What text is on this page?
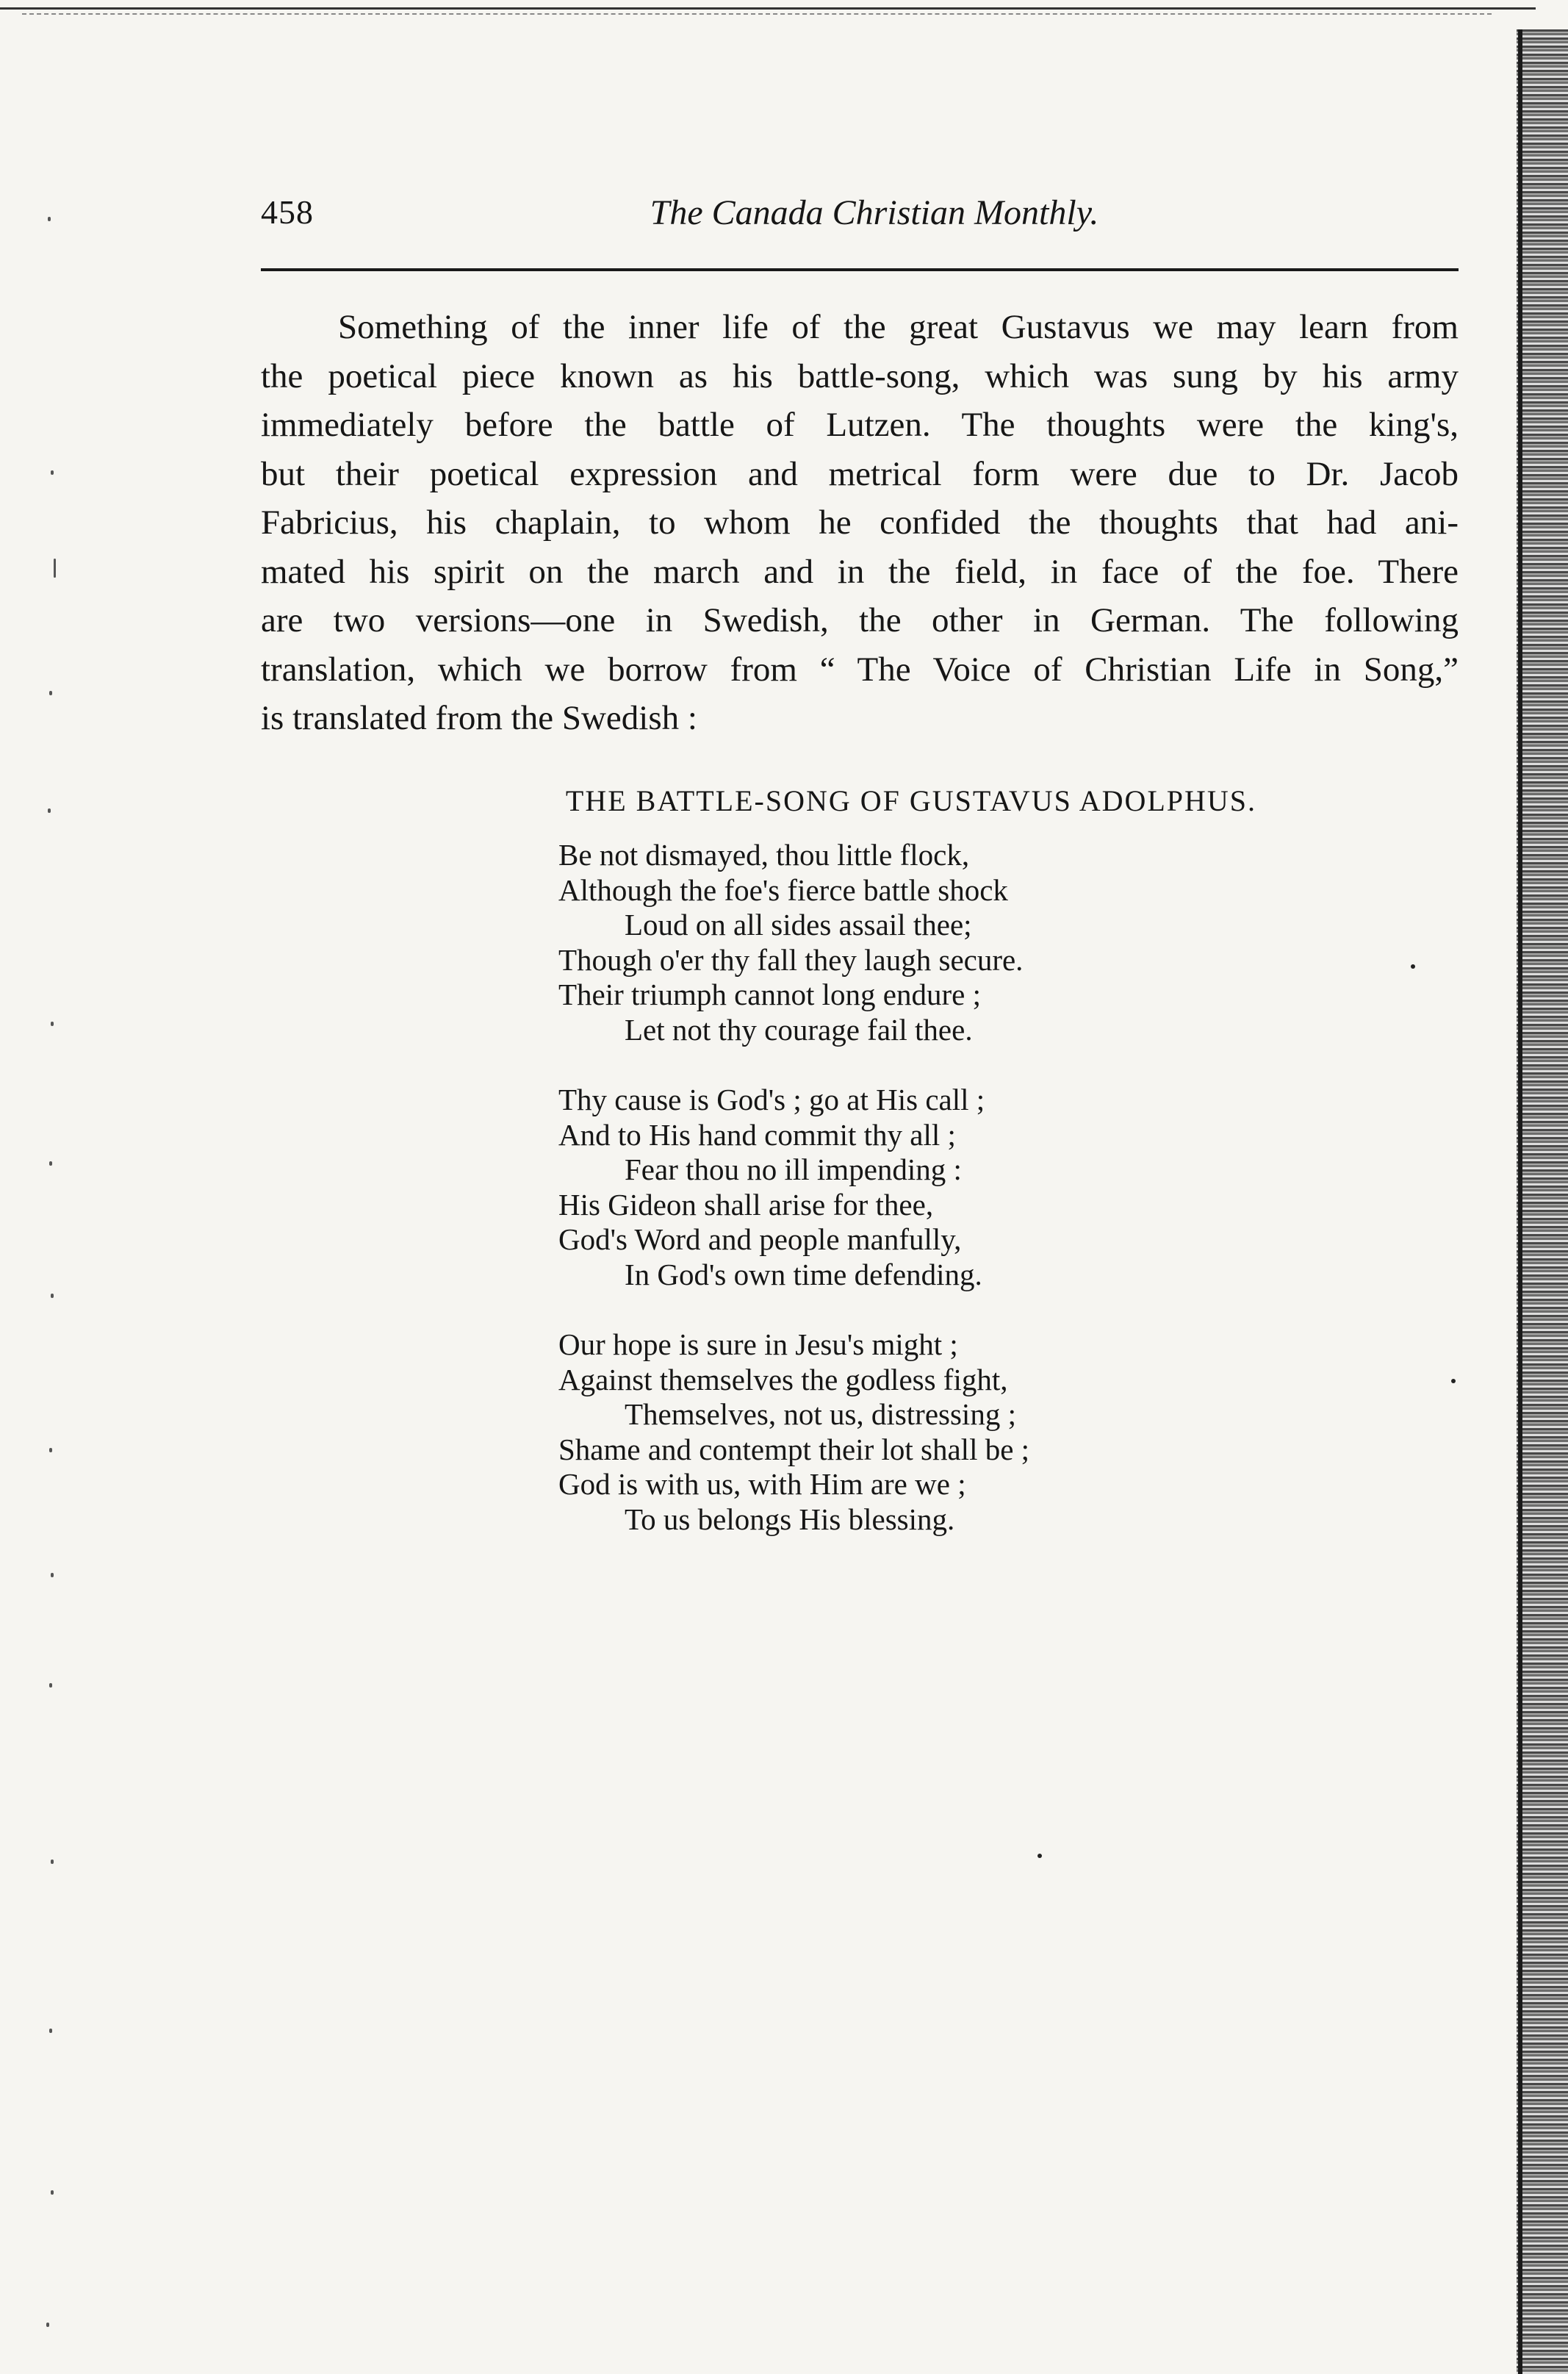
458	The Canada Christian Monthly.
Something of the inner life of the great Gustavus we may learn from
the poetical piece known as his battle-song, which was sung by his army
immediately before the battle of Lutzen. The thoughts were the king's,
but their poetical expression and metrical form were due to Dr. Jacob
Fabricius, his chaplain, to whom he confided the thoughts that had ani-
mated his spirit on the march and in the field, in face of the foe. There
are two versions—one in Swedish, the other in German. The following
translation, which we borrow from “ The Voice of Christian Life in Song,”
is translated from the Swedish :
THE BATTLE-SONG OF GUSTAVUS ADOLPHUS.
Be not dismayed, thou little flock,
Although the foe's fierce battle shock
Loud on all sides assail thee;
Though o'er thy fall they laugh secure.
Their triumph cannot long endure ;
Let not thy courage fail thee.
Thy cause is God's ; go at His call ;
And to His hand commit thy all ;
Fear thou no ill impending :
His Gideon shall arise for thee,
God's Word and people manfully,
In God's own time defending.
Our hope is sure in Jesu's might ;
Against themselves the godless fight,
Themselves, not us, distressing ;
Shame and contempt their lot shall be ;
God is with us, with Him are we ;
To us belongs His blessing.
